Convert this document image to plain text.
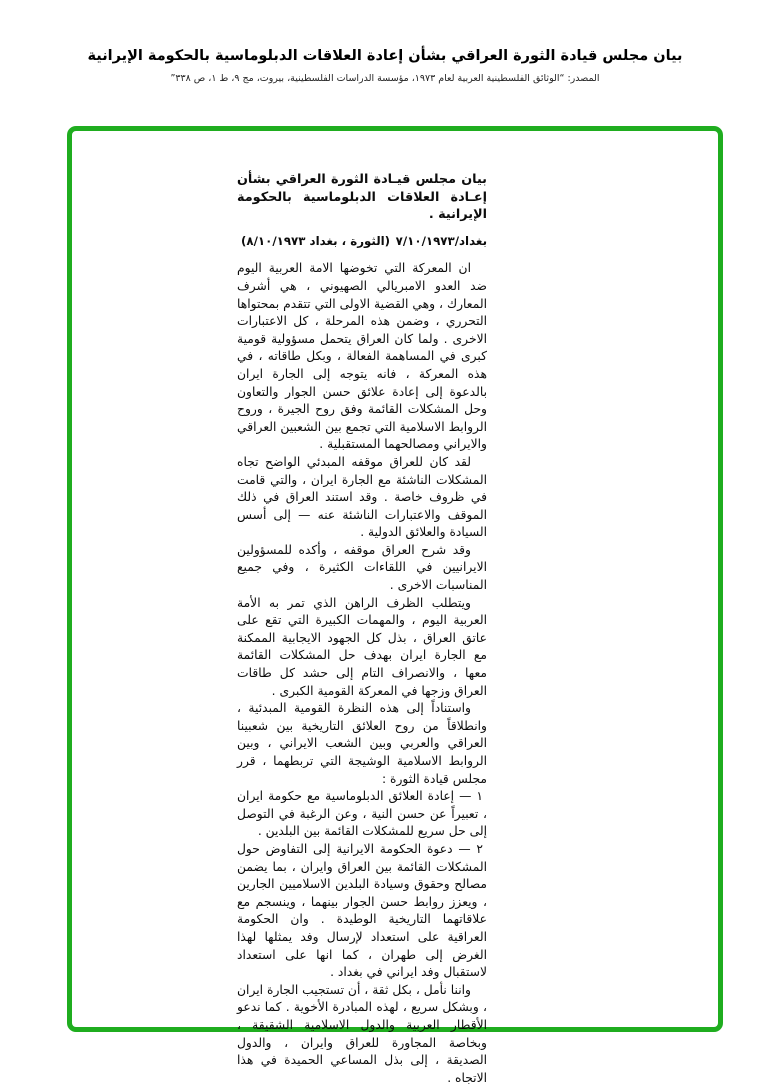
بيان مجلس قيادة الثورة العراقي بشأن إعادة العلاقات الدبلوماسية بالحكومة الإيرانية
المصدر: “الوثائق الفلسطينية العربية لعام ١٩٧٣، مؤسسة الدراسات الفلسطينية، بيروت، مج ٩، ط ١، ص ٣٣٨”
بيان مجلس قيـادة الثورة العراقي بشأن إعـادة العلاقات الدبلوماسية بالحكومة الإيرانية .
بغداد/٧/١٠/١٩٧٣
(الثورة ، بغداد ٨/١٠/١٩٧٣)

ان المعركة التي تخوضها الامة العربية اليوم ضد العدو الامبريالي الصهيوني ، هي أشرف المعارك ، وهي القضية الاولى التي تتقدم بمحتواها التحرري ، وضمن هذه المرحلة ، كل الاعتبارات الاخرى . ولما كان العراق يتحمل مسؤولية قومية كبرى في المساهمة الفعالة ، وبكل طاقاته ، في هذه المعركة ، فانه يتوجه إلى الجارة ايران بالدعوة إلى إعادة علائق حسن الجوار والتعاون وحل المشكلات القائمة وفق روح الجيرة ، وروح الروابط الاسلامية التي تجمع بين الشعبين العراقي والايراني ومصالحهما المستقبلية .

لقد كان للعراق موقفه المبدئي الواضح تجاه المشكلات الناشئة مع الجارة ايران ، والتي قامت في ظروف خاصة . وقد استند العراق في ذلك الموقف والاعتبارات الناشئة عنه — إلى أسس السيادة والعلائق الدولية .

وقد شرح العراق موقفه ، وأكده للمسؤولين الايرانيين في اللقاءات الكثيرة ، وفي جميع المناسبات الاخرى .

ويتطلب الظرف الراهن الذي تمر به الأمة العربية اليوم ، والمهمات الكبيرة التي تقع على عاتق العراق ، بذل كل الجهود الايجابية الممكنة مع الجارة ايران بهدف حل المشكلات القائمة معها ، والانصراف التام إلى حشد كل طاقات العراق وزجها في المعركة القومية الكبرى .

واستناداً إلى هذه النظرة القومية المبدئية ، وانطلاقاً من روح العلائق التاريخية بين شعبينا العراقي والعربي وبين الشعب الايراني ، وبين الروابط الاسلامية الوشيجة التي تربطهما ، قرر مجلس قيادة الثورة :

١ — إعادة العلائق الدبلوماسية مع حكومة ايران ، تعبيراً عن حسن النية ، وعن الرغبة في التوصل إلى حل سريع للمشكلات القائمة بين البلدين .

٢ — دعوة الحكومة الايرانية إلى التفاوض حول المشكلات القائمة بين العراق وايران ، بما يضمن مصالح وحقوق وسيادة البلدين الاسلاميين الجارين ، ويعزز روابط حسن الجوار بينهما ، وينسجم مع علاقاتهما التاريخية الوطيدة . وان الحكومة العراقية على استعداد لإرسال وفد يمثلها لهذا الغرض إلى طهران ، كما انها على استعداد لاستقبال وفد ايراني في بغداد .

واننا نأمل ، بكل ثقة ، أن تستجيب الجارة ايران ، وبشكل سريع ، لهذه المبادرة الأخوية . كما ندعو الأقطار العربية والدول الاسلامية الشقيقة ، وبخاصة المجاورة للعراق وايران ، والدول الصديقة ، إلى بذل المساعي الحميدة في هذا الاتجاه .
